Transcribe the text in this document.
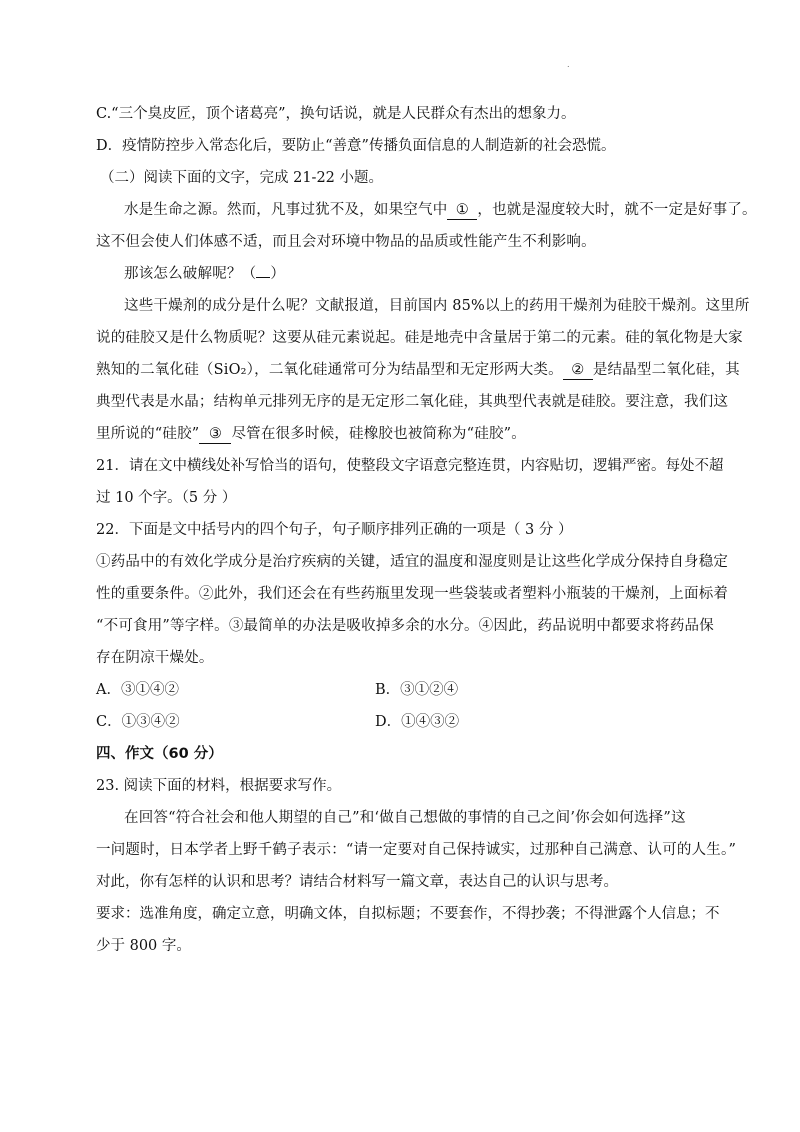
.
C.“三个臭皮匠，顶个诸葛亮”，换句话说，就是人民群众有杰出的想象力。
D．疫情防控步入常态化后，要防止“善意”传播负面信息的人制造新的社会恐慌。
（二）阅读下面的文字，完成 21-22 小题。
水是生命之源。然而，凡事过犹不及，如果空气中 ① ，也就是湿度较大时，就不一定是好事了。
这不但会使人们体感不适，而且会对环境中物品的品质或性能产生不利影响。
那该怎么破解呢？（ ）
这些干燥剂的成分是什么呢？文献报道，目前国内 85%以上的药用干燥剂为硅胶干燥剂。这里所
说的硅胶又是什么物质呢？这要从硅元素说起。硅是地壳中含量居于第二的元素。硅的氧化物是大家
熟知的二氧化硅（SiO₂），二氧化硅通常可分为结晶型和无定形两大类。 ② 是结晶型二氧化硅，其
典型代表是水晶；结构单元排列无序的是无定形二氧化硅，其典型代表就是硅胶。要注意，我们这
里所说的“硅胶” ③ 尽管在很多时候，硅橡胶也被简称为“硅胶”。
21．请在文中横线处补写恰当的语句，使整段文字语意完整连贯，内容贴切，逻辑严密。每处不超
过 10 个字。（5 分 ）
22．下面是文中括号内的四个句子，句子顺序排列正确的一项是（ 3 分 ）
①药品中的有效化学成分是治疗疾病的关键，适宜的温度和湿度则是让这些化学成分保持自身稳定
性的重要条件。②此外，我们还会在有些药瓶里发现一些袋装或者塑料小瓶装的干燥剂，上面标着
“不可食用”等字样。③最简单的办法是吸收掉多余的水分。④因此，药品说明中都要求将药品保
存在阴凉干燥处。
A．③①④②	B．③①②④
C．①③④②	D．①④③②
四、作文（60 分）
23. 阅读下面的材料，根据要求写作。
在回答“符合社会和他人期望的自己”和‘做自己想做的事情的自己之间’你会如何选择”这
一问题时，日本学者上野千鹤子表示：“请一定要对自己保持诚实，过那种自己满意、认可的人生。”
对此，你有怎样的认识和思考？请结合材料写一篇文章，表达自己的认识与思考。
要求：选准角度，确定立意，明确文体，自拟标题；不要套作，不得抄袭；不得泄露个人信息；不
少于 800 字。
